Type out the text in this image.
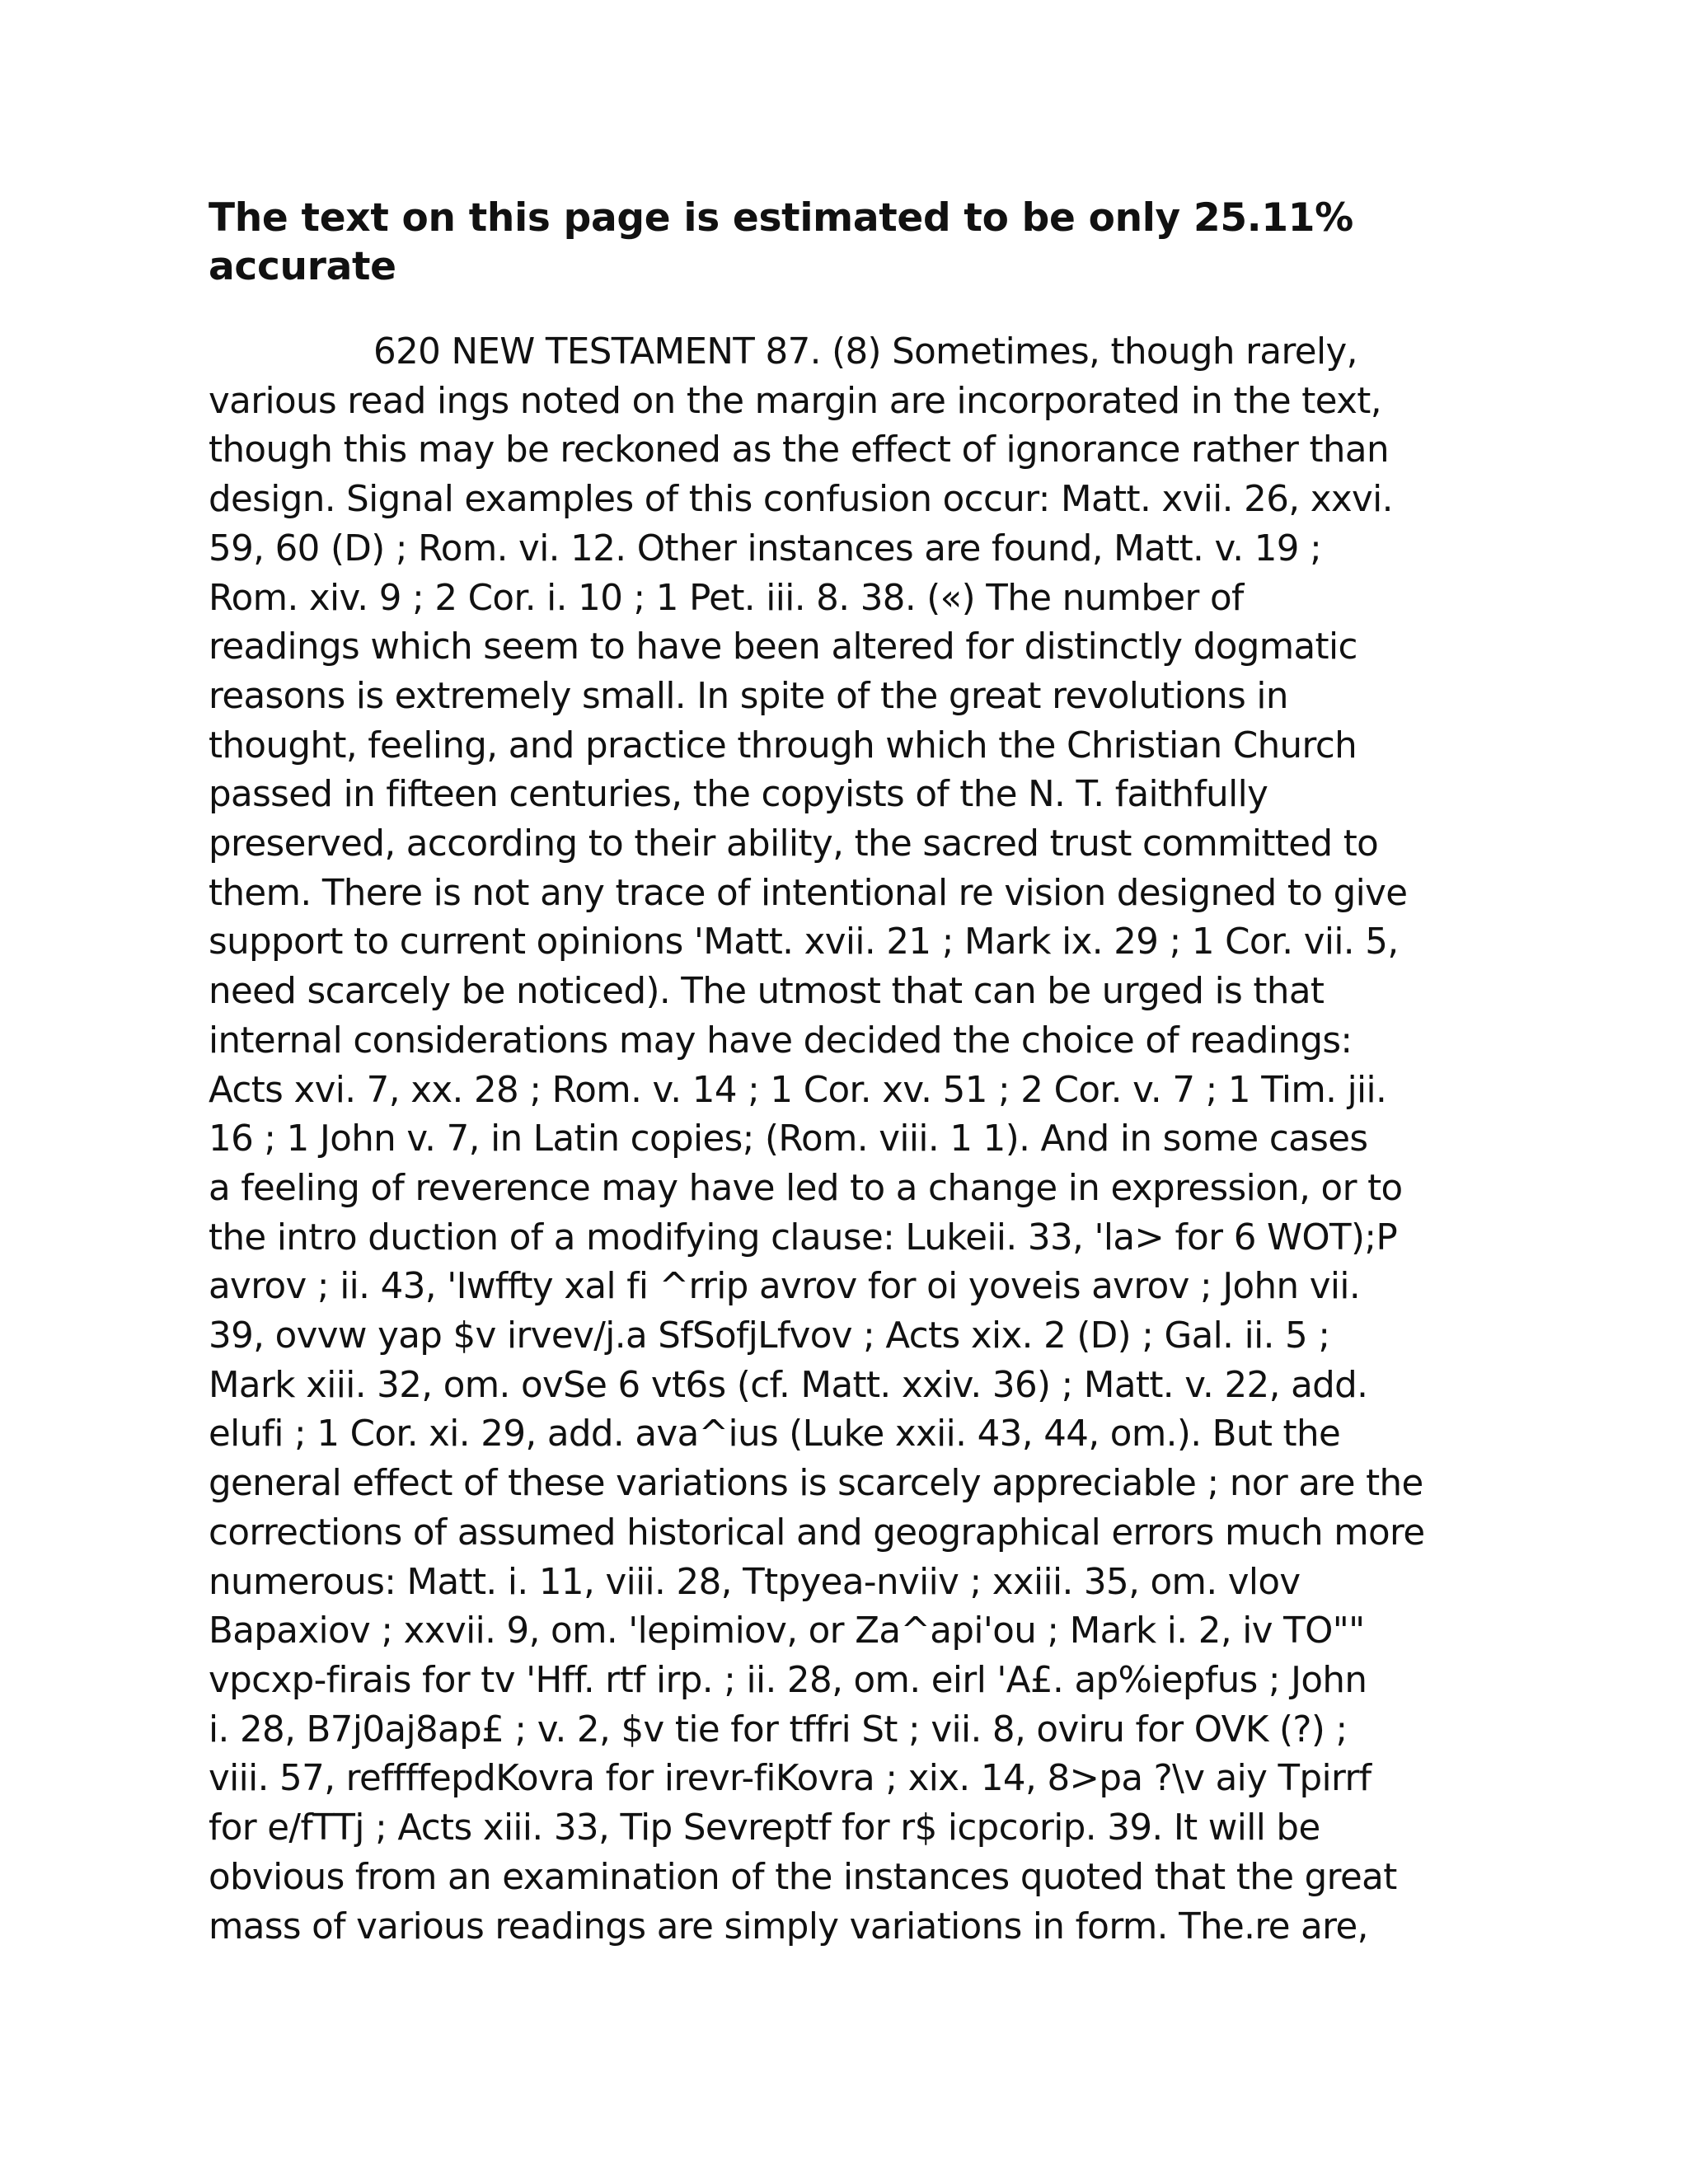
The text on this page is estimated to be only 25.11% accurate
620 NEW TESTAMENT 87. (8) Sometimes, though rarely,
various read ings noted on the margin are incorporated in the text,
though this may be reckoned as the effect of ignorance rather than
design. Signal examples of this confusion occur: Matt. xvii. 26, xxvi.
59, 60 (D) ; Rom. vi. 12. Other instances are found, Matt. v. 19 ;
Rom. xiv. 9 ; 2 Cor. i. 10 ; 1 Pet. iii. 8. 38. («) The number of
readings which seem to have been altered for distinctly dogmatic
reasons is extremely small. In spite of the great revolutions in
thought, feeling, and practice through which the Christian Church
passed in fifteen centuries, the copyists of the N. T. faithfully
preserved, according to their ability, the sacred trust committed to
them. There is not any trace of intentional re vision designed to give
support to current opinions 'Matt. xvii. 21 ; Mark ix. 29 ; 1 Cor. vii. 5,
need scarcely be noticed). The utmost that can be urged is that
internal considerations may have decided the choice of readings:
Acts xvi. 7, xx. 28 ; Rom. v. 14 ; 1 Cor. xv. 51 ; 2 Cor. v. 7 ; 1 Tim. jii.
16 ; 1 John v. 7, in Latin copies; (Rom. viii. 1 1). And in some cases
a feeling of reverence may have led to a change in expression, or to
the intro duction of a modifying clause: Lukeii. 33, 'la> for 6 WOT);P
avrov ; ii. 43, 'Iwffty xal fi ^rrip avrov for oi yoveis avrov ; John vii.
39, ovvw yap $v irvev/j.a SfSofjLfvov ; Acts xix. 2 (D) ; Gal. ii. 5 ;
Mark xiii. 32, om. ovSe 6 vt6s (cf. Matt. xxiv. 36) ; Matt. v. 22, add.
elufi ; 1 Cor. xi. 29, add. ava^ius (Luke xxii. 43, 44, om.). But the
general effect of these variations is scarcely appreciable ; nor are the
corrections of assumed historical and geographical errors much more
numerous: Matt. i. 11, viii. 28, Ttpyea-nviiv ; xxiii. 35, om. vlov
Bapaxiov ; xxvii. 9, om. 'lepimiov, or Za^api'ou ; Mark i. 2, iv TO""
vpcxp-firais for tv 'Hff. rtf irp. ; ii. 28, om. eirl 'A£. ap%iepfus ; John
i. 28, B7j0aj8ap£ ; v. 2, $v tie for tffri St ; vii. 8, oviru for OVK (?) ;
viii. 57, reffffepdKovra for irevr-fiKovra ; xix. 14, 8>pa ?\v aiy Tpirrf
for e/fTTj ; Acts xiii. 33, Tip Sevreptf for r$ icpcorip. 39. It will be
obvious from an examination of the instances quoted that the great
mass of various readings are simply variations in form. The.re are,
